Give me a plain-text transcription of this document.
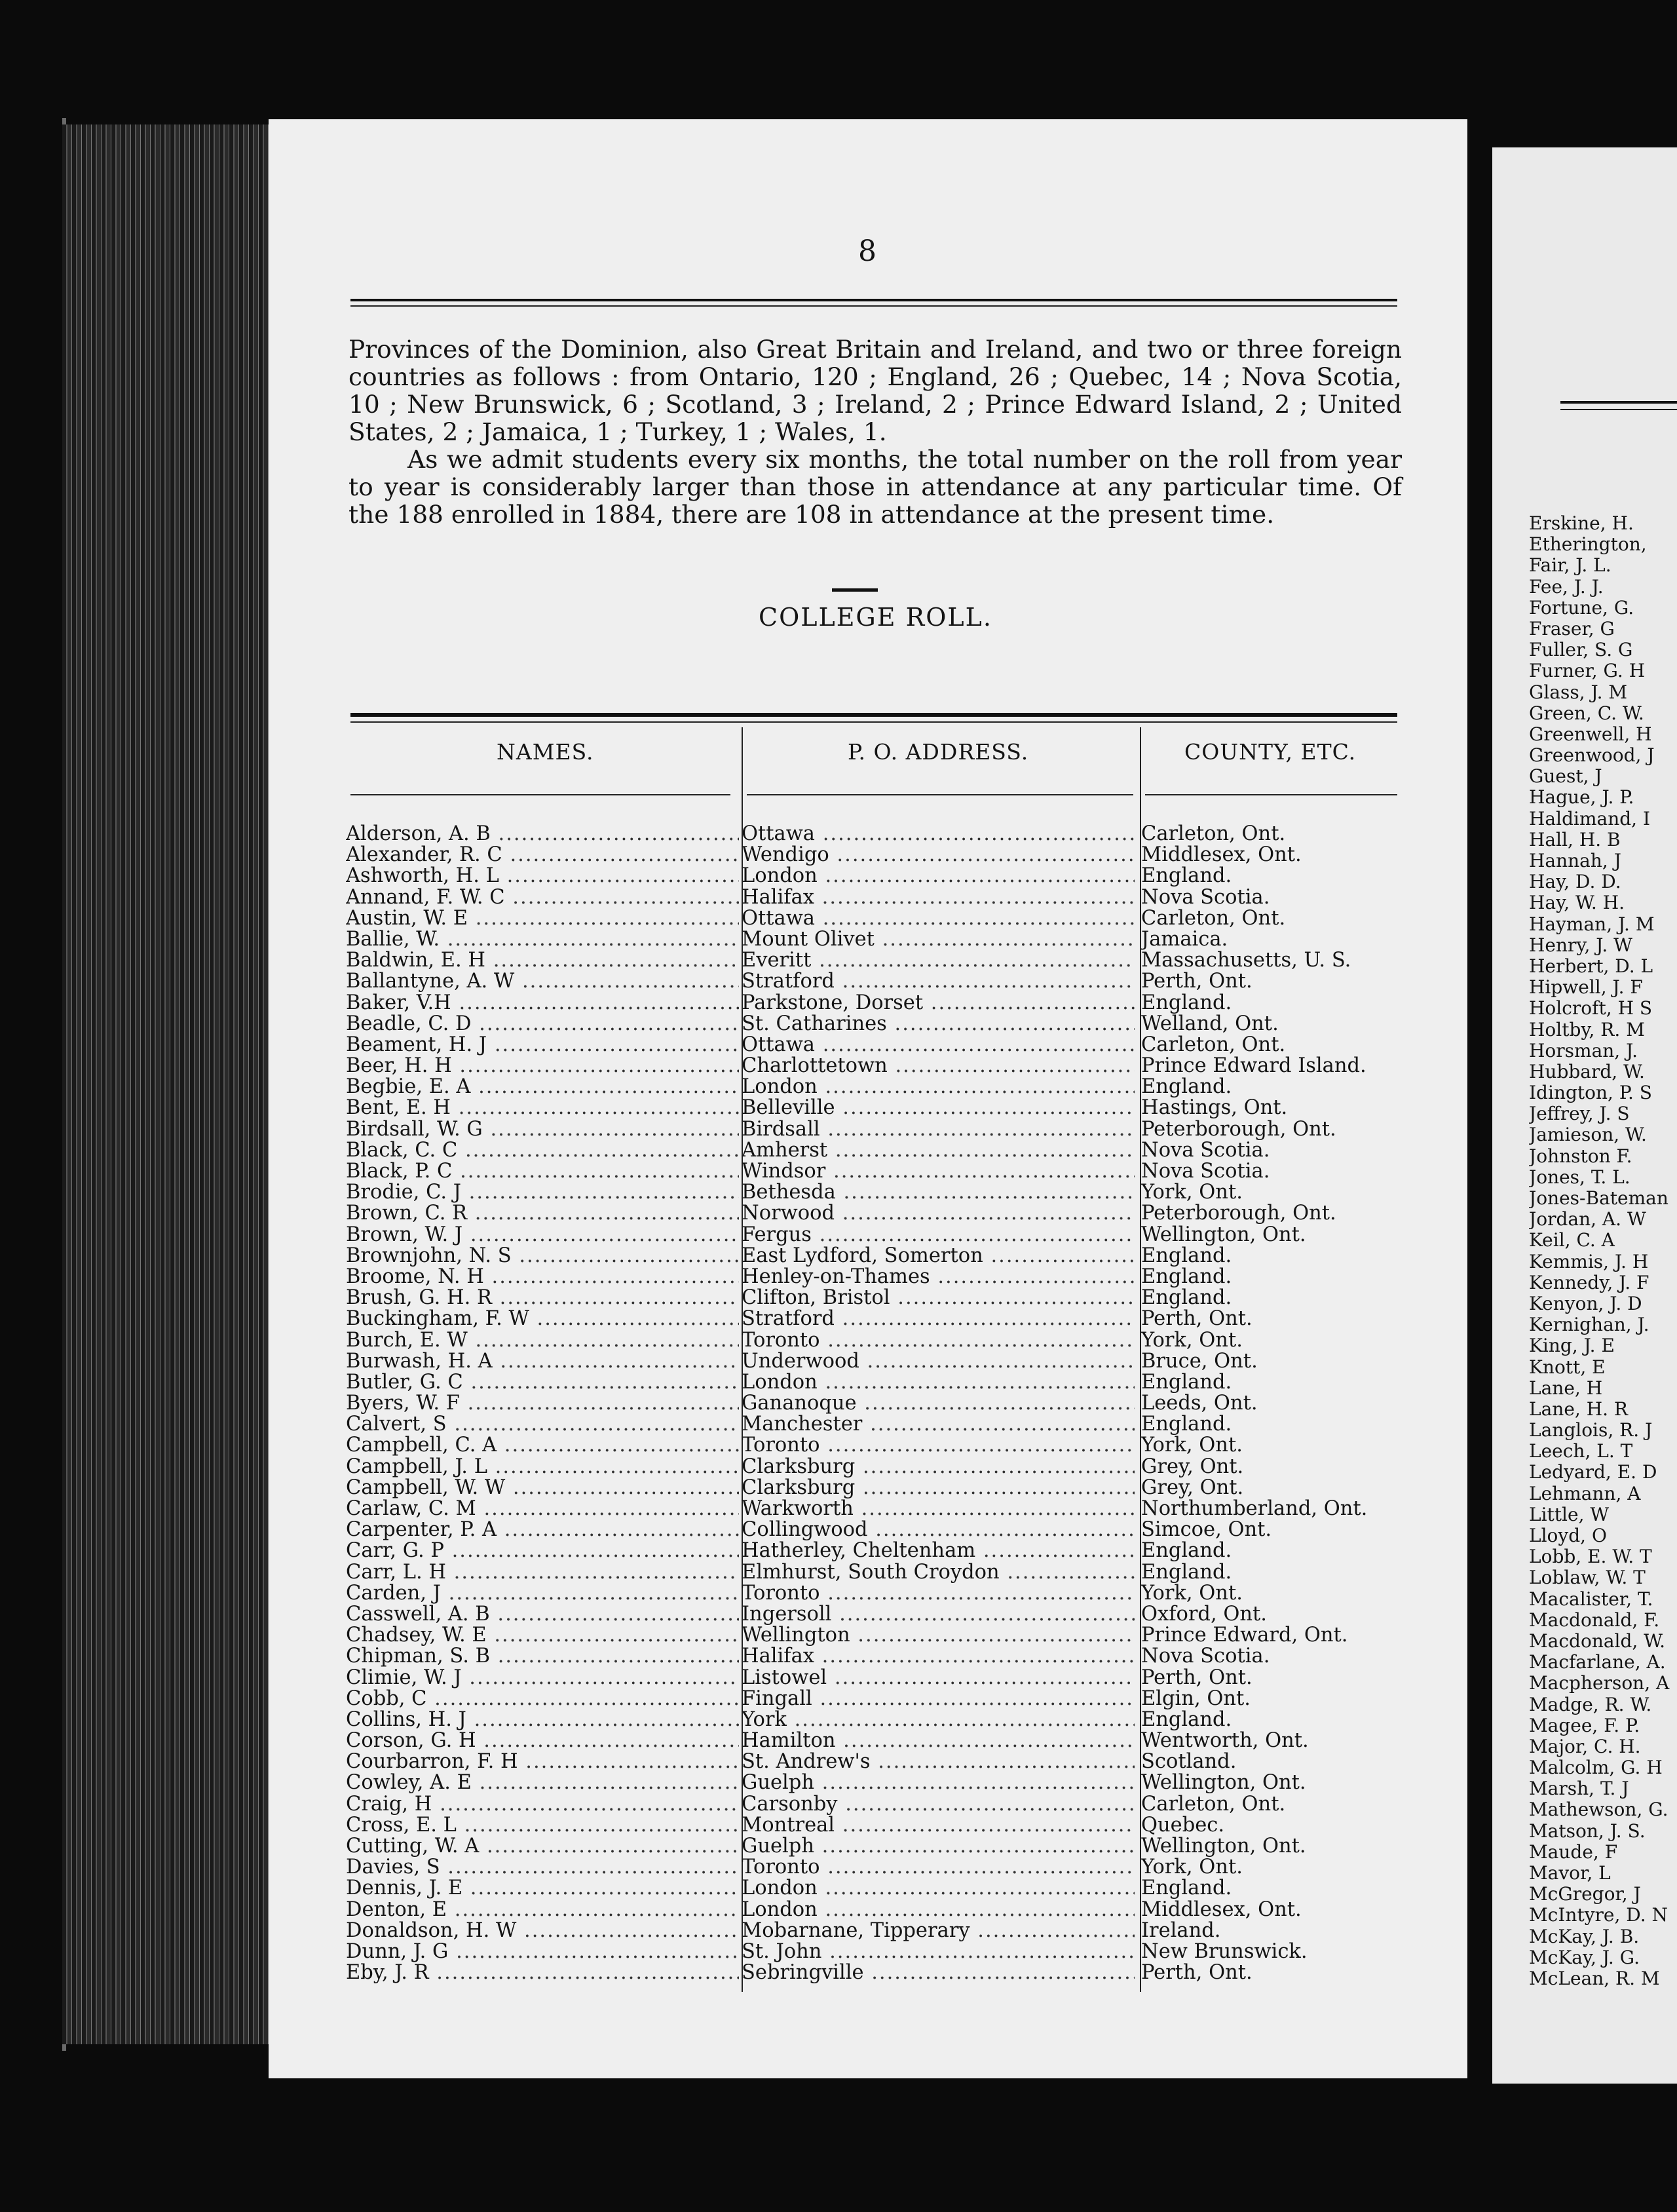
8

Provinces of the Dominion, also Great Britain and Ireland, and two or three foreign countries as follows : from Ontario, 120 ; England, 26 ; Quebec, 14 ; Nova Scotia, 10 ; New Brunswick, 6 ; Scotland, 3 ; Ireland, 2 ; Prince Edward Island, 2 ; United States, 2 ; Jamaica, 1 ; Turkey, 1 ; Wales, 1.

As we admit students every six months, the total number on the roll from year to year is considerably larger than those in attendance at any particular time. Of the 188 enrolled in 1884, there are 108 in attendance at the present time.

COLLEGE ROLL.
NAMES.	P. O. ADDRESS.	COUNTY, ETC.
Alderson, A. B .....	Ottawa .....	Carleton, Ont.
Alexander, R. C .....	Wendigo .....	Middlesex, Ont.
Ashworth, H. L .....	London .....	England.
Annand, F. W. C .....	Halifax .....	Nova Scotia.
Austin, W. E .....	Ottawa .....	Carleton, Ont.
Ballie, W. .....	Mount Olivet .....	Jamaica.
Baldwin, E. H .....	Everitt .....	Massachusetts, U. S.
Ballantyne, A. W .....	Stratford .....	Perth, Ont.
Baker, V.H .....	Parkstone, Dorset .....	England.
Beadle, C. D .....	St. Catharines .....	Welland, Ont.
Beament, H. J .....	Ottawa .....	Carleton, Ont.
Beer, H. H .....	Charlottetown .....	Prince Edward Island.
Begbie, E. A .....	London .....	England.
Bent, E. H .....	Belleville .....	Hastings, Ont.
Birdsall, W. G .....	Birdsall .....	Peterborough, Ont.
Black, C. C .....	Amherst .....	Nova Scotia.
Black, P. C .....	Windsor .....	Nova Scotia.
Brodie, C. J .....	Bethesda .....	York, Ont.
Brown, C. R .....	Norwood .....	Peterborough, Ont.
Brown, W. J .....	Fergus .....	Wellington, Ont.
Brownjohn, N. S .....	East Lydford, Somerton .....	England.
Broome, N. H .....	Henley-on-Thames .....	England.
Brush, G. H. R .....	Clifton, Bristol .....	England.
Buckingham, F. W .....	Stratford .....	Perth, Ont.
Burch, E. W .....	Toronto .....	York, Ont.
Burwash, H. A .....	Underwood .....	Bruce, Ont.
Butler, G. C .....	London .....	England.
Byers, W. F .....	Gananoque .....	Leeds, Ont.
Calvert, S .....	Manchester .....	England.
Campbell, C. A .....	Toronto .....	York, Ont.
Campbell, J. L .....	Clarksburg .....	Grey, Ont.
Campbell, W. W .....	Clarksburg .....	Grey, Ont.
Carlaw, C. M .....	Warkworth .....	Northumberland, Ont.
Carpenter, P. A .....	Collingwood .....	Simcoe, Ont.
Carr, G. P .....	Hatherley, Cheltenham .....	England.
Carr, L. H .....	Elmhurst, South Croydon .....	England.
Carden, J .....	Toronto .....	York, Ont.
Casswell, A. B .....	Ingersoll .....	Oxford, Ont.
Chadsey, W. E .....	Wellington .....	Prince Edward, Ont.
Chipman, S. B .....	Halifax .....	Nova Scotia.
Climie, W. J .....	Listowel .....	Perth, Ont.
Cobb, C .....	Fingall .....	Elgin, Ont.
Collins, H. J .....	York .....	England.
Corson, G. H .....	Hamilton .....	Wentworth, Ont.
Courbarron, F. H .....	St. Andrew's .....	Scotland.
Cowley, A. E .....	Guelph .....	Wellington, Ont.
Craig, H .....	Carsonby .....	Carleton, Ont.
Cross, E. L .....	Montreal .....	Quebec.
Cutting, W. A .....	Guelph .....	Wellington, Ont.
Davies, S .....	Toronto .....	York, Ont.
Dennis, J. E .....	London .....	England.
Denton, E .....	London .....	Middlesex, Ont.
Donaldson, H. W .....	Mobarnane, Tipperary .....	Ireland.
Dunn, J. G .....	St. John .....	New Brunswick.
Eby, J. R .....	Sebringville .....	Perth, Ont.
Erskine, H.
Etherington,
Fair, J. L.
Fee, J. J.
Fortune, G.
Fraser, G
Fuller, S. G
Furner, G. H
Glass, J. M
Green, C. W.
Greenwell, H
Greenwood, J
Guest, J
Hague, J. P.
Haldimand, I
Hall, H. B
Hannah, J
Hay, D. D.
Hay, W. H.
Hayman, J. M
Henry, J. W
Herbert, D. L
Hipwell, J. F
Holcroft, H S
Holtby, R. M
Horsman, J.
Hubbard, W.
Idington, P. S
Jeffrey, J. S
Jamieson, W.
Johnston F.
Jones, T. L.
Jones-Bateman
Jordan, A. W
Keil, C. A
Kemmis, J. H
Kennedy, J. F
Kenyon, J. D
Kernighan, J.
King, J. E
Knott, E
Lane, H
Lane, H. R
Langlois, R. J
Leech, L. T
Ledyard, E. D
Lehmann, A
Little, W
Lloyd, O
Lobb, E. W. T
Loblaw, W. T
Macalister, T.
Macdonald, F.
Macdonald, W.
Macfarlane, A.
Macpherson, A
Madge, R. W.
Magee, F. P.
Major, C. H.
Malcolm, G. H
Marsh, T. J
Mathewson, G.
Matson, J. S.
Maude, F
Mavor, L
McGregor, J
McIntyre, D. N
McKay, J. B.
McKay, J. G.
McLean, R. M
